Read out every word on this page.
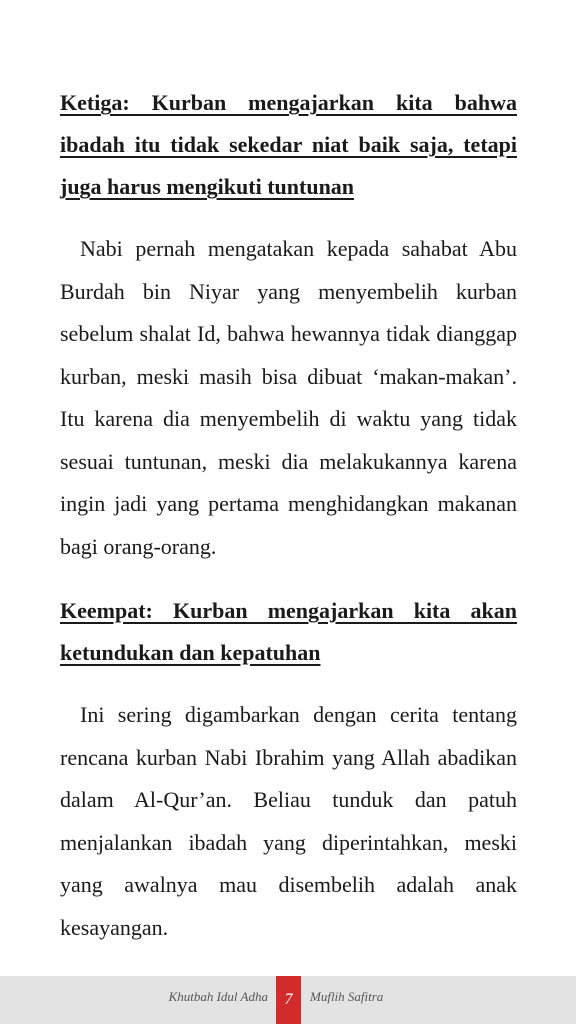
Ketiga: Kurban mengajarkan kita bahwa ibadah itu tidak sekedar niat baik saja, tetapi juga harus mengikuti tuntunan

Nabi pernah mengatakan kepada sahabat Abu Burdah bin Niyar yang menyembelih kurban sebelum shalat Id, bahwa hewannya tidak dianggap kurban, meski masih bisa dibuat ‘makan-makan’. Itu karena dia menyembelih di waktu yang tidak sesuai tuntunan, meski dia melakukannya karena ingin jadi yang pertama menghidangkan makanan bagi orang-orang.

Keempat: Kurban mengajarkan kita akan ketundukan dan kepatuhan

Ini sering digambarkan dengan cerita tentang rencana kurban Nabi Ibrahim yang Allah abadikan dalam Al-Qur’an. Beliau tunduk dan patuh menjalankan ibadah yang diperintahkan, meski yang awalnya mau disembelih adalah anak kesayangan.

Khutbah Idul Adha	7	Muflih Safitra
